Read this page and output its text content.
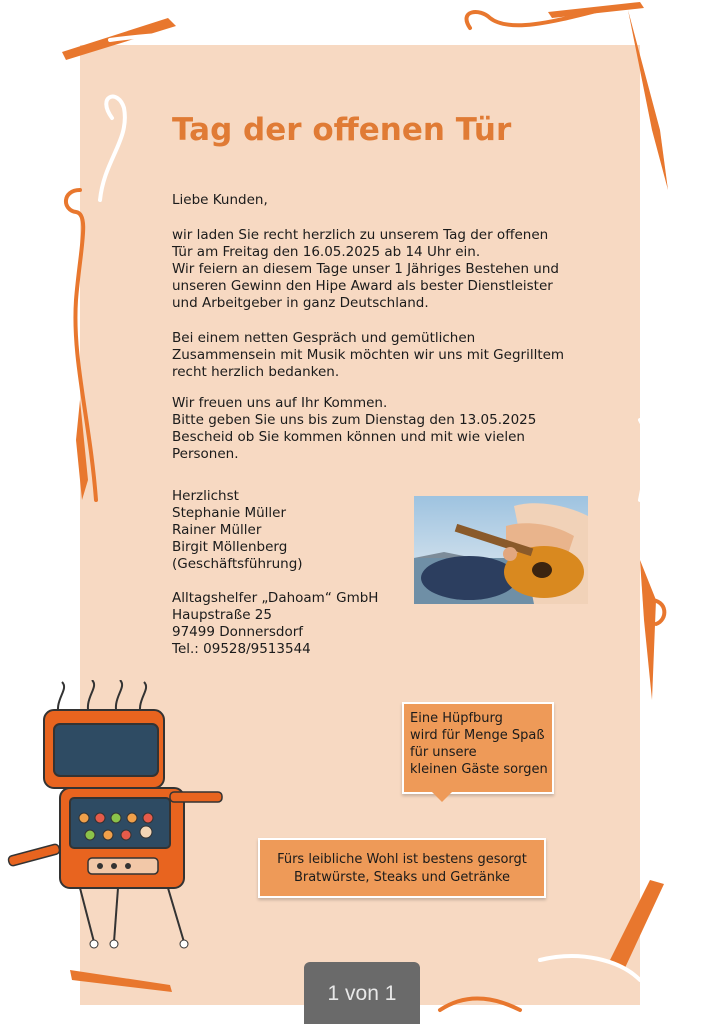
Tag der offenen Tür
Liebe Kunden,
wir laden Sie recht herzlich zu unserem Tag der offenen
Tür am Freitag den 16.05.2025 ab 14 Uhr ein.
Wir feiern an diesem Tage unser 1 Jähriges Bestehen und
unseren Gewinn den Hipe Award als bester Dienstleister
und Arbeitgeber in ganz Deutschland.
Bei einem netten Gespräch und gemütlichen
Zusammensein mit Musik möchten wir uns mit Gegrilltem
recht herzlich bedanken.
Wir freuen uns auf Ihr Kommen.
Bitte geben Sie uns bis zum Dienstag den 13.05.2025
Bescheid ob Sie kommen können und mit wie vielen
Personen.
Herzlichst
Stephanie Müller
Rainer Müller
Birgit Möllenberg
(Geschäftsführung)
Alltagshelfer „Dahoam“ GmbH
Haupstraße 25
97499 Donnersdorf
Tel.: 09528/9513544
Eine Hüpfburg
wird für Menge Spaß
für unsere
kleinen Gäste sorgen
Fürs leibliche Wohl ist bestens gesorgt
Bratwürste, Steaks und Getränke
1 von 1
